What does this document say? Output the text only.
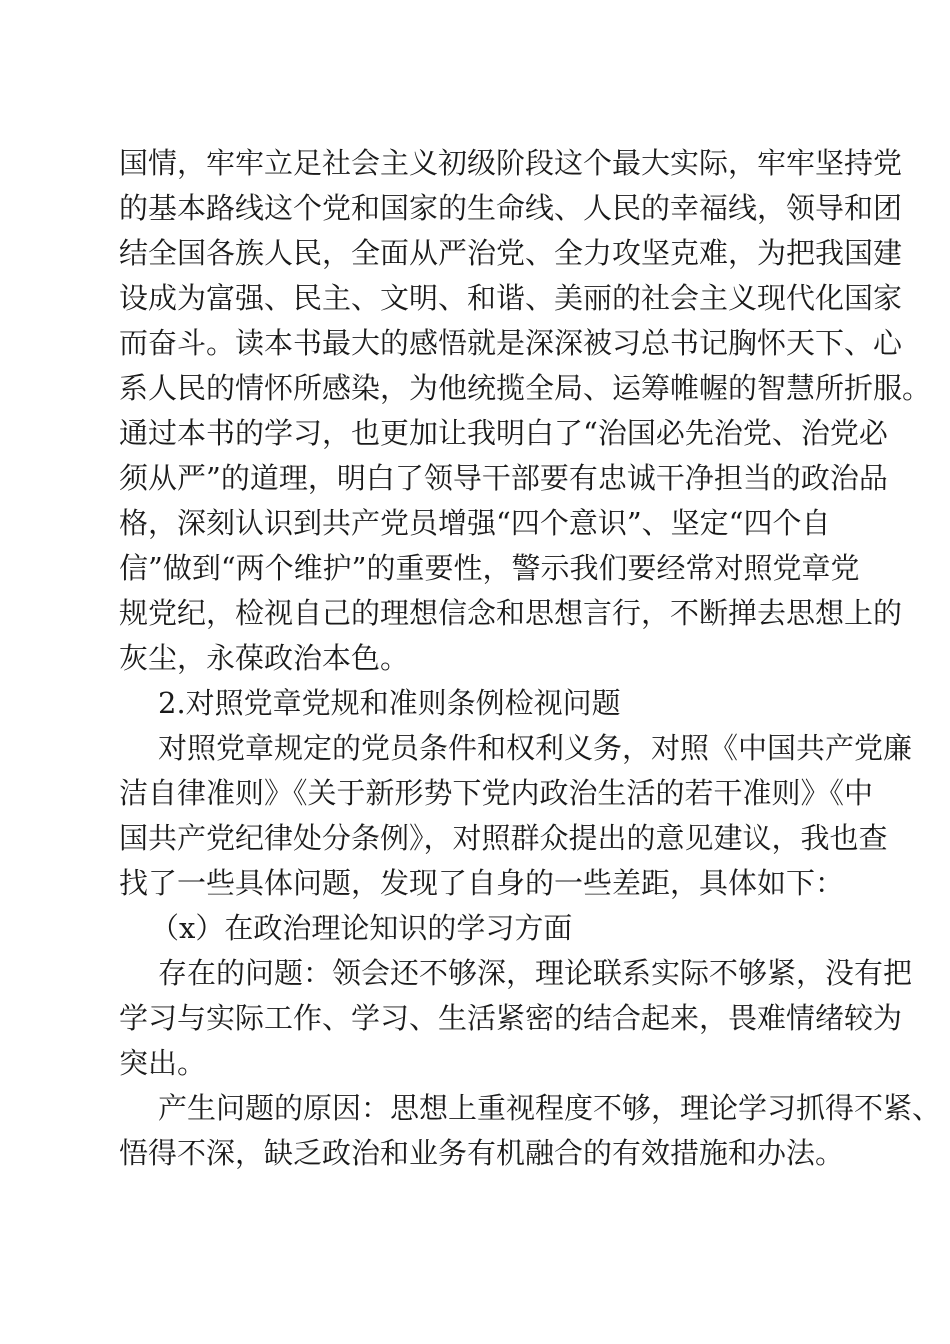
国情，牢牢立足社会主义初级阶段这个最大实际，牢牢坚持党
的基本路线这个党和国家的生命线、人民的幸福线，领导和团
结全国各族人民，全面从严治党、全力攻坚克难，为把我国建
设成为富强、民主、文明、和谐、美丽的社会主义现代化国家
而奋斗。读本书最大的感悟就是深深被习总书记胸怀天下、心
系人民的情怀所感染，为他统揽全局、运筹帷幄的智慧所折服。
通过本书的学习，也更加让我明白了“治国必先治党、治党必
须从严”的道理，明白了领导干部要有忠诚干净担当的政治品
格，深刻认识到共产党员增强“四个意识”、坚定“四个自
信”做到“两个维护”的重要性，警示我们要经常对照党章党
规党纪，检视自己的理想信念和思想言行，不断掸去思想上的
灰尘，永葆政治本色。
2.对照党章党规和准则条例检视问题
对照党章规定的党员条件和权利义务，对照《中国共产党廉
洁自律准则》《关于新形势下党内政治生活的若干准则》《中
国共产党纪律处分条例》，对照群众提出的意见建议，我也查
找了一些具体问题，发现了自身的一些差距，具体如下：
（x）在政治理论知识的学习方面
存在的问题：领会还不够深，理论联系实际不够紧，没有把
学习与实际工作、学习、生活紧密的结合起来，畏难情绪较为
突出。
产生问题的原因：思想上重视程度不够，理论学习抓得不紧、
悟得不深，缺乏政治和业务有机融合的有效措施和办法。
